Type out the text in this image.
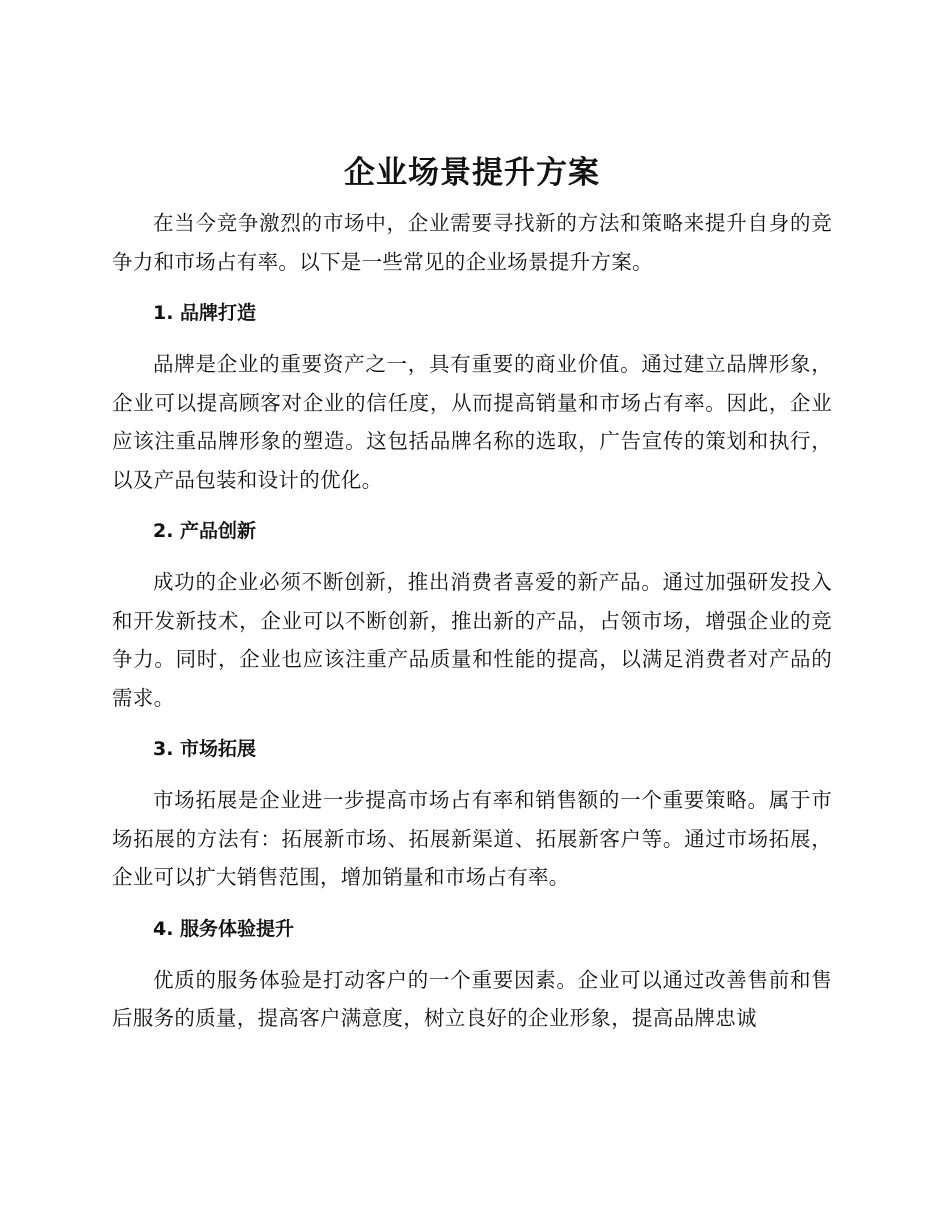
企业场景提升方案

在当今竞争激烈的市场中，企业需要寻找新的方法和策略来提升自身的竞争力和市场占有率。以下是一些常见的企业场景提升方案。

1. 品牌打造

品牌是企业的重要资产之一，具有重要的商业价值。通过建立品牌形象，企业可以提高顾客对企业的信任度，从而提高销量和市场占有率。因此，企业应该注重品牌形象的塑造。这包括品牌名称的选取，广告宣传的策划和执行，以及产品包装和设计的优化。

2. 产品创新

成功的企业必须不断创新，推出消费者喜爱的新产品。通过加强研发投入和开发新技术，企业可以不断创新，推出新的产品，占领市场，增强企业的竞争力。同时，企业也应该注重产品质量和性能的提高，以满足消费者对产品的需求。

3. 市场拓展

市场拓展是企业进一步提高市场占有率和销售额的一个重要策略。属于市场拓展的方法有：拓展新市场、拓展新渠道、拓展新客户等。通过市场拓展，企业可以扩大销售范围，增加销量和市场占有率。

4. 服务体验提升

优质的服务体验是打动客户的一个重要因素。企业可以通过改善售前和售后服务的质量，提高客户满意度，树立良好的企业形象，提高品牌忠诚
